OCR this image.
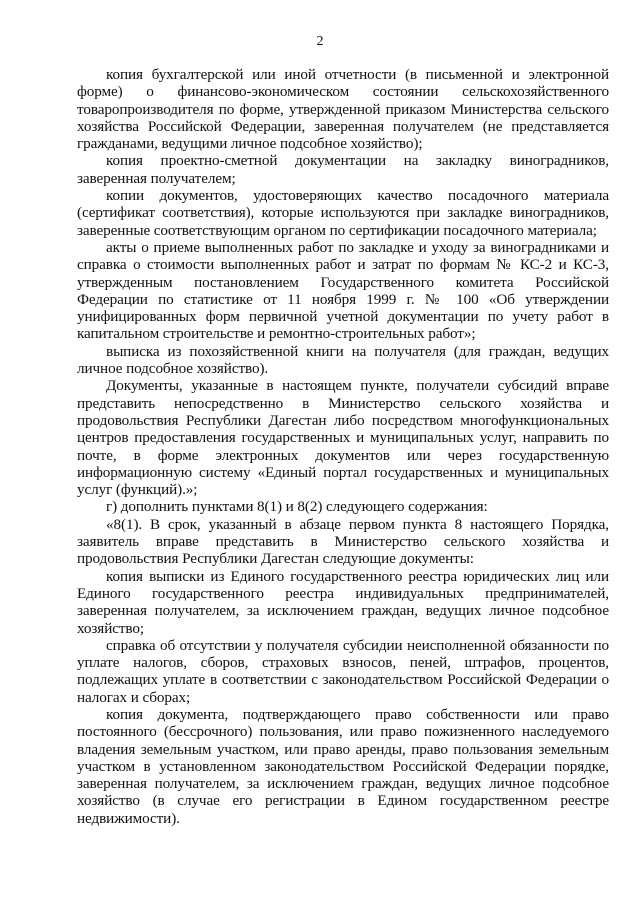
2

копия бухгалтерской или иной отчетности (в письменной и электронной форме) о финансово-экономическом состоянии сельскохозяйственного товаропроизводителя по форме, утвержденной приказом Министерства сельского хозяйства Российской Федерации, заверенная получателем (не представляется гражданами, ведущими личное подсобное хозяйство);

копия проектно-сметной документации на закладку виноградников, заверенная получателем;

копии документов, удостоверяющих качество посадочного материала (сертификат соответствия), которые используются при закладке виноградников, заверенные соответствующим органом по сертификации посадочного материала;

акты о приеме выполненных работ по закладке и уходу за виноградниками и справка о стоимости выполненных работ и затрат по формам № КС-2 и КС-3, утвержденным постановлением Государственного комитета Российской Федерации по статистике от 11 ноября 1999 г. № 100 «Об утверждении унифицированных форм первичной учетной документации по учету работ в капитальном строительстве и ремонтно-строительных работ»;

выписка из похозяйственной книги на получателя (для граждан, ведущих личное подсобное хозяйство).

Документы, указанные в настоящем пункте, получатели субсидий вправе представить непосредственно в Министерство сельского хозяйства и продовольствия Республики Дагестан либо посредством многофункциональных центров предоставления государственных и муниципальных услуг, направить по почте, в форме электронных документов или через государственную информационную систему «Единый портал государственных и муниципальных услуг (функций).»;

г) дополнить пунктами 8(1) и 8(2) следующего содержания:

«8(1). В срок, указанный в абзаце первом пункта 8 настоящего Порядка, заявитель вправе представить в Министерство сельского хозяйства и продовольствия Республики Дагестан следующие документы:

копия выписки из Единого государственного реестра юридических лиц или Единого государственного реестра индивидуальных предпринимателей, заверенная получателем, за исключением граждан, ведущих личное подсобное хозяйство;

справка об отсутствии у получателя субсидии неисполненной обязанности по уплате налогов, сборов, страховых взносов, пеней, штрафов, процентов, подлежащих уплате в соответствии с законодательством Российской Федерации о налогах и сборах;

копия документа, подтверждающего право собственности или право постоянного (бессрочного) пользования, или право пожизненного наследуемого владения земельным участком, или право аренды, право пользования земельным участком в установленном законодательством Российской Федерации порядке, заверенная получателем, за исключением граждан, ведущих личное подсобное хозяйство (в случае его регистрации в Едином государственном реестре недвижимости).
